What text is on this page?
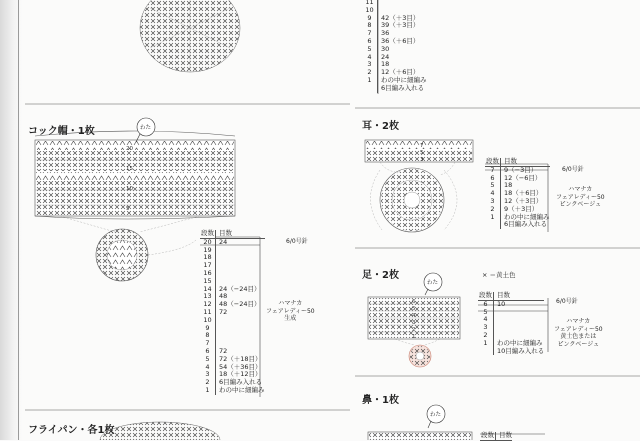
20
15
10
5
7
5
3
6
5
4
3
2
1
わた
わた
わた
コック帽・1枚	耳・2枚
足・2枚
鼻・1枚
フライパン・各1枚
× ＝黄土色
11

10

9	42（＋3目）
8	39（＋3目）
7	36
6	36（＋6目）
5	30
4	24
3	18
2	12（＋6目）
1	わの中に細編み
6目編み入れる
段数 目数
20	24
19

18

17

16

15

14	24（−24目）
13	48
12	48（−24目）
11	72
10

9

8

7

6	72
5	72（＋18目）
4	54（＋36目）
3	18（＋12目）
2	6目編み入れる
1	わの中に細編み
6/0号針
ハマナカ
フェアレディー50
生成
段数 目数
7	9（−3目）
6	12（−6目）
5	18
4	18（＋6目）
3	12（＋3目）
2	9（＋3目）
1	わの中に細編み
6目編み入れる
6/0号針
ハマナカ
フェアレディー50
ピンクベージュ
段数 目数
6	10
5

4

3

2

1	わの中に細編み
10目編み入れる
6/0号針
ハマナカ
フェアレディー50
黄土色または
ピンクベージュ
段数 目数
